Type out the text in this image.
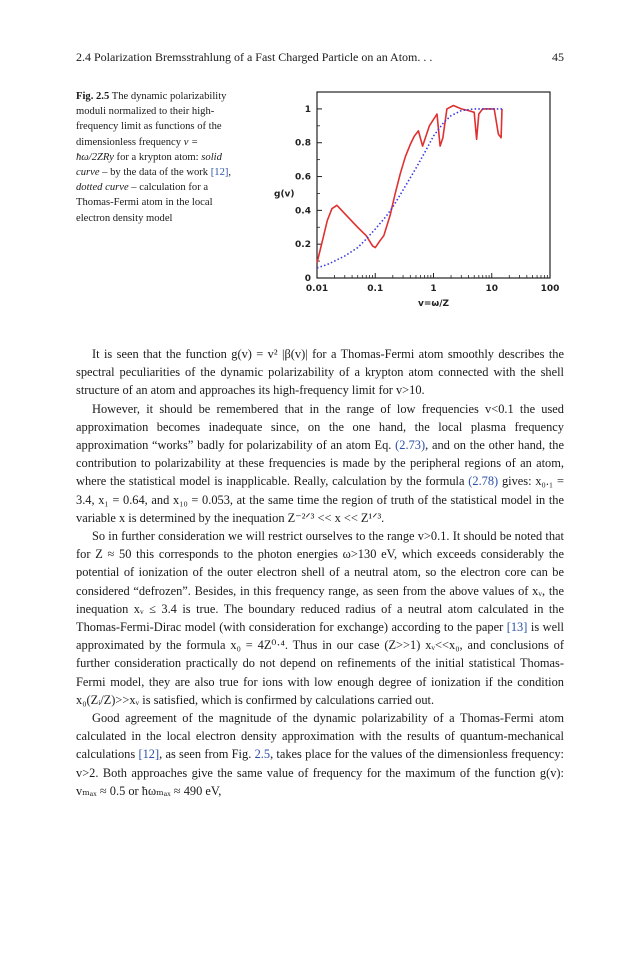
2.4 Polarization Bremsstrahlung of a Fast Charged Particle on an Atom. . .	45
Fig. 2.5 The dynamic polarizability moduli normalized to their high-frequency limit as functions of the dimensionless frequency v = ħω/2ZRy for a krypton atom: solid curve – by the data of the work [12], dotted curve – calculation for a Thomas-Fermi atom in the local electron density model
0.01	0.1	1	10	100
0
0.2
0.4
0.6
0.8
1
v=ω/Z
g(v)

It is seen that the function g(v) = v² |β(v)| for a Thomas-Fermi atom smoothly describes the spectral peculiarities of the dynamic polarizability of a krypton atom connected with the shell structure of an atom and approaches its high-frequency limit for v>10.

However, it should be remembered that in the range of low frequencies v<0.1 the used approximation becomes inadequate since, on the one hand, the local plasma frequency approximation “works” badly for polarizability of an atom Eq. (2.73), and on the other hand, the contribution to polarizability at these frequencies is made by the peripheral regions of an atom, where the statistical model is inapplicable. Really, calculation by the formula (2.78) gives: x₀.₁ = 3.4, x₁ = 0.64, and x₁₀ = 0.053, at the same time the region of truth of the statistical model in the variable x is determined by the inequation Z⁻²ᐟ³ << x << Z¹ᐟ³.

So in further consideration we will restrict ourselves to the range v>0.1. It should be noted that for Z ≈ 50 this corresponds to the photon energies ω>130 eV, which exceeds considerably the potential of ionization of the outer electron shell of a neutral atom, so the electron core can be considered “defrozen”. Besides, in this frequency range, as seen from the above values of xᵥ, the inequation xᵥ ≤ 3.4 is true. The boundary reduced radius of a neutral atom calculated in the Thomas-Fermi-Dirac model (with consideration for exchange) according to the paper [13] is well approximated by the formula x₀ = 4Z⁰·⁴. Thus in our case (Z>>1) xᵥ<<x₀, and conclusions of further consideration practically do not depend on refinements of the initial statistical Thomas-Fermi model, they are also true for ions with low enough degree of ionization if the condition x₀(Zᵢ/Z)>>xᵥ is satisfied, which is confirmed by calculations carried out.

Good agreement of the magnitude of the dynamic polarizability of a Thomas-Fermi atom calculated in the local electron density approximation with the results of quantum-mechanical calculations [12], as seen from Fig. 2.5, takes place for the values of the dimensionless frequency: v>2. Both approaches give the same value of frequency for the maximum of the function g(v): vₘₐₓ ≈ 0.5 or ħωₘₐₓ ≈ 490 eV,
